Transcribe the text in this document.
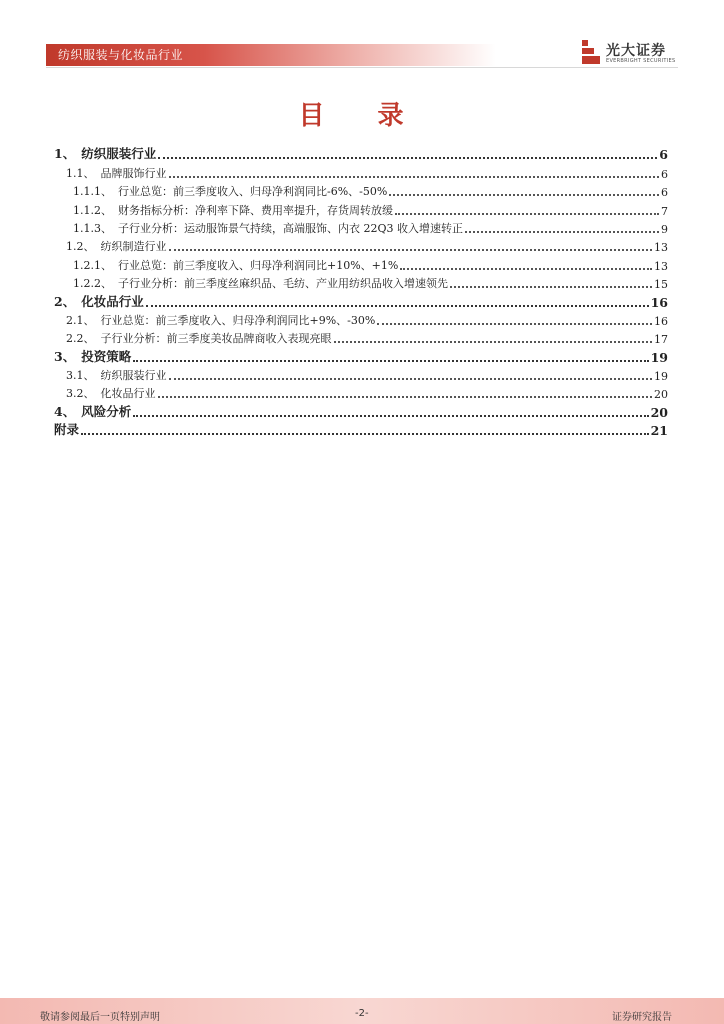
纺织服装与化妆品行业	光大证券
EVERBRIGHT SECURITIES
目 录
1、 纺织服装行业	6
1.1、 品牌服饰行业	6
1.1.1、 行业总览：前三季度收入、归母净利润同比-6%、-50%	6
1.1.2、 财务指标分析：净利率下降、费用率提升，存货周转放缓	7
1.1.3、 子行业分析：运动服饰景气持续，高端服饰、内衣 22Q3 收入增速转正	9
1.2、 纺织制造行业	13
1.2.1、 行业总览：前三季度收入、归母净利润同比+10%、+1%	13
1.2.2、 子行业分析：前三季度丝麻织品、毛纺、产业用纺织品收入增速领先	15
2、 化妆品行业	16
2.1、 行业总览：前三季度收入、归母净利润同比+9%、-30%	16
2.2、 子行业分析：前三季度美妆品牌商收入表现亮眼	17
3、 投资策略	19
3.1、 纺织服装行业	19
3.2、 化妆品行业	20
4、 风险分析	20
附录	21
敬请参阅最后一页特别声明	-2-	证券研究报告
